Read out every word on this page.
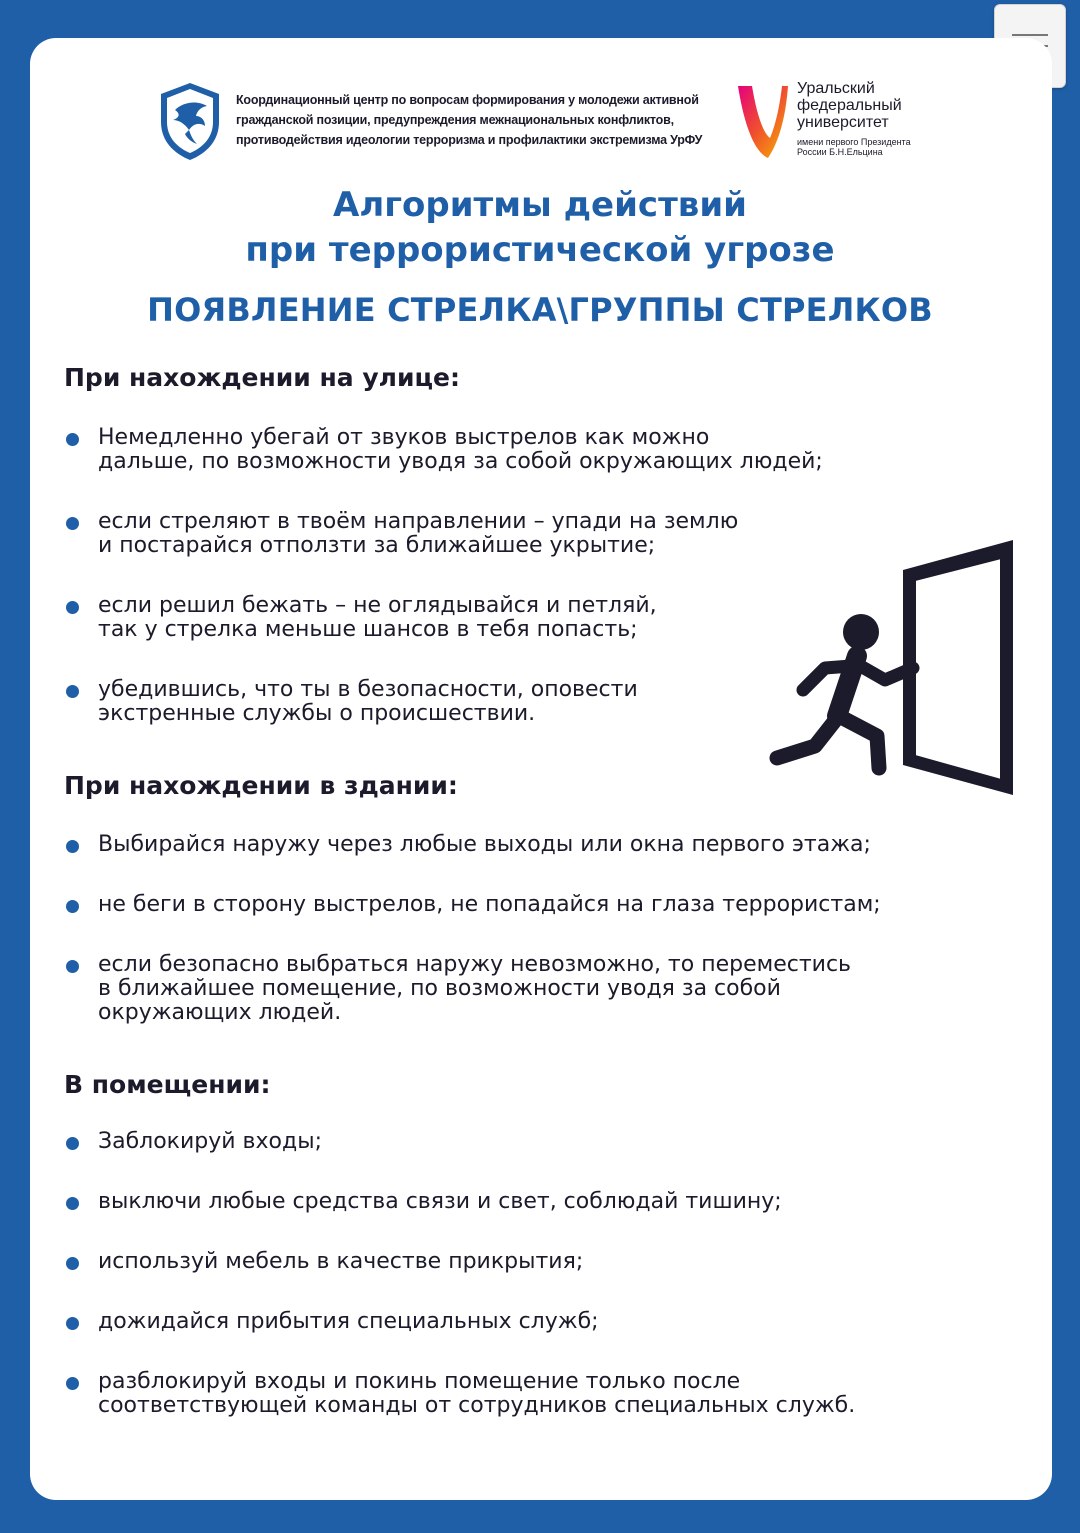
Координационный центр по вопросам формирования у молодежи активной
гражданской позиции, предупреждения межнациональных конфликтов,
противодействия идеологии терроризма и профилактики экстремизма УрФУ
Уральский
федеральный
университет
имени первого Президента
России Б.Н.Ельцина
Алгоритмы действий
при террористической угрозе
ПОЯВЛЕНИЕ СТРЕЛКА\ГРУППЫ СТРЕЛКОВ
При нахождении на улице:
Немедленно убегай от звуков выстрелов как можно
дальше, по возможности уводя за собой окружающих людей;
если стреляют в твоём направлении – упади на землю
и постарайся отползти за ближайшее укрытие;
если решил бежать – не оглядывайся и петляй,
так у стрелка меньше шансов в тебя попасть;
убедившись, что ты в безопасности, оповести
экстренные службы о происшествии.
При нахождении в здании:
Выбирайся наружу через любые выходы или окна первого этажа;
не беги в сторону выстрелов, не попадайся на глаза террористам;
если безопасно выбраться наружу невозможно, то переместись
в ближайшее помещение, по возможности уводя за собой
окружающих людей.
В помещении:
Заблокируй входы;
выключи любые средства связи и свет, соблюдай тишину;
используй мебель в качестве прикрытия;
дожидайся прибытия специальных служб;
разблокируй входы и покинь помещение только после
соответствующей команды от сотрудников специальных служб.
